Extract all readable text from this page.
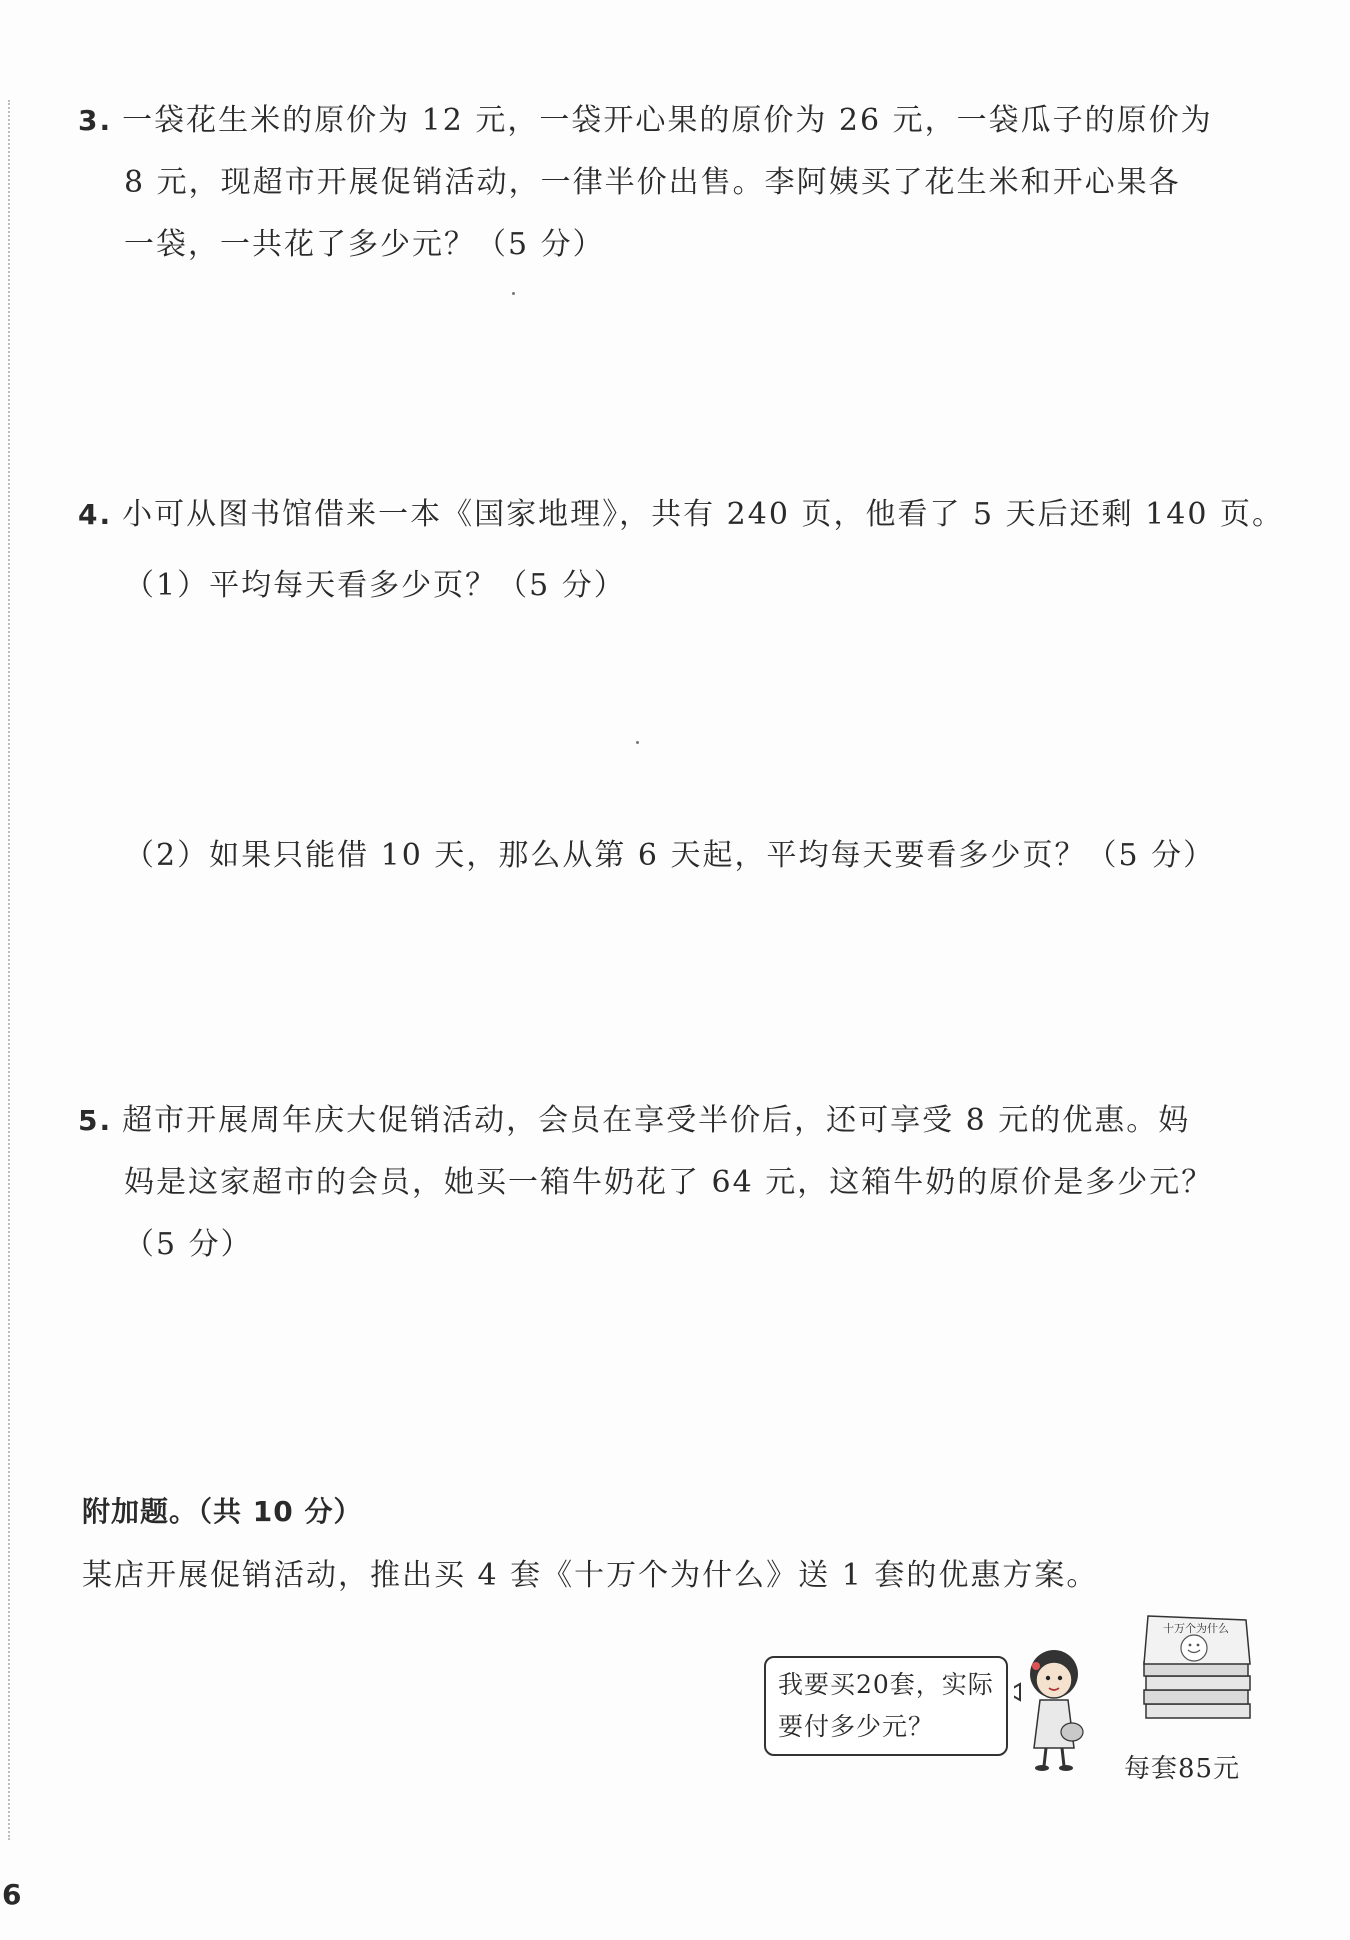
3. 一袋花生米的原价为 12 元，一袋开心果的原价为 26 元，一袋瓜子的原价为
8 元，现超市开展促销活动，一律半价出售。李阿姨买了花生米和开心果各
一袋，一共花了多少元？（5 分）
4. 小可从图书馆借来一本《国家地理》，共有 240 页，他看了 5 天后还剩 140 页。
（1）平均每天看多少页？（5 分）
（2）如果只能借 10 天，那么从第 6 天起，平均每天要看多少页？（5 分）
5. 超市开展周年庆大促销活动，会员在享受半价后，还可享受 8 元的优惠。妈
妈是这家超市的会员，她买一箱牛奶花了 64 元，这箱牛奶的原价是多少元？
（5 分）
附加题。（共 10 分）
某店开展促销活动，推出买 4 套《十万个为什么》送 1 套的优惠方案。
我要买20套，实际
要付多少元？
十万个为什么
每套85元
6
